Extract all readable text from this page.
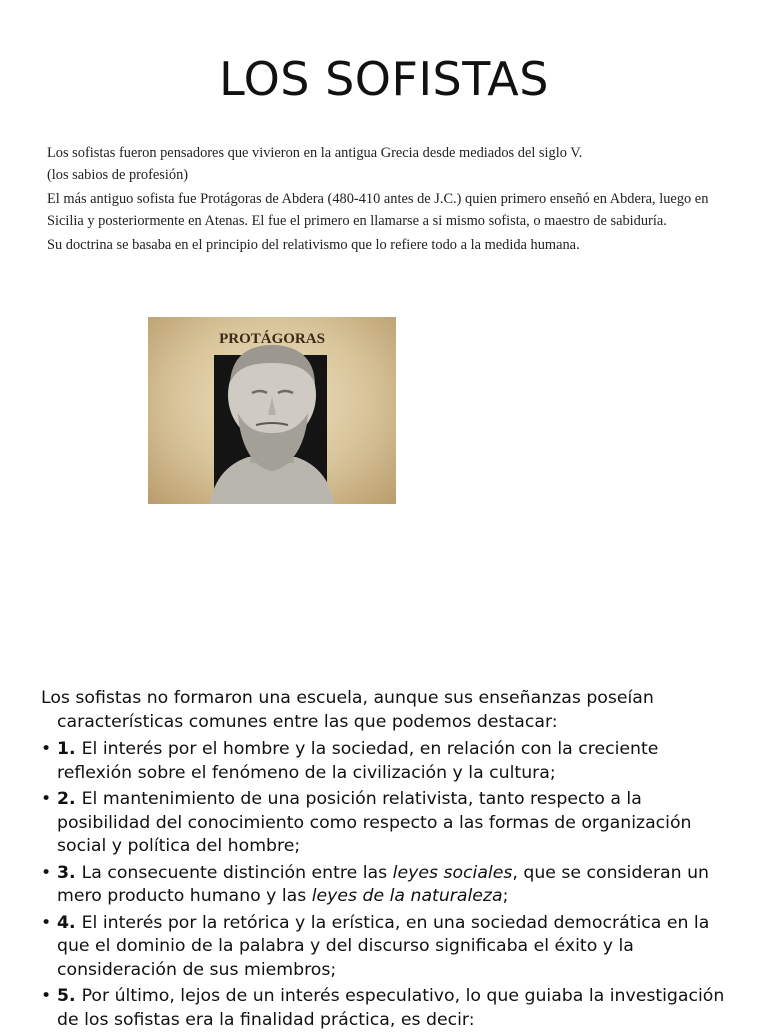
LOS SOFISTAS

Los sofistas fueron pensadores que vivieron en la antigua Grecia desde mediados del siglo V.
(los sabios de profesión)

El más antiguo sofista fue Protágoras de Abdera (480-410 antes de J.C.) quien primero enseñó en Abdera, luego en Sicilia y posteriormente en Atenas. El fue el primero en llamarse a si mismo sofista, o maestro de sabiduría.

Su doctrina se basaba en el principio del relativismo que lo refiere todo a la medida humana.

PROTÁGORAS

Los sofistas no formaron una escuela, aunque sus enseñanzas poseían características comunes entre las que podemos destacar:

• 1. El interés por el hombre y la sociedad, en relación con la creciente reflexión sobre el fenómeno de la civilización y la cultura;
• 2. El mantenimiento de una posición relativista, tanto respecto a la posibilidad del conocimiento como respecto a las formas de organización social y política del hombre;
• 3. La consecuente distinción entre las leyes sociales, que se consideran un mero producto humano y las leyes de la naturaleza;
• 4. El interés por la retórica y la erística, en una sociedad democrática en la que el dominio de la palabra y del discurso significaba el éxito y la consideración de sus miembros;
• 5. Por último, lejos de un interés especulativo, lo que guiaba la investigación de los sofistas era la finalidad práctica, es decir:
